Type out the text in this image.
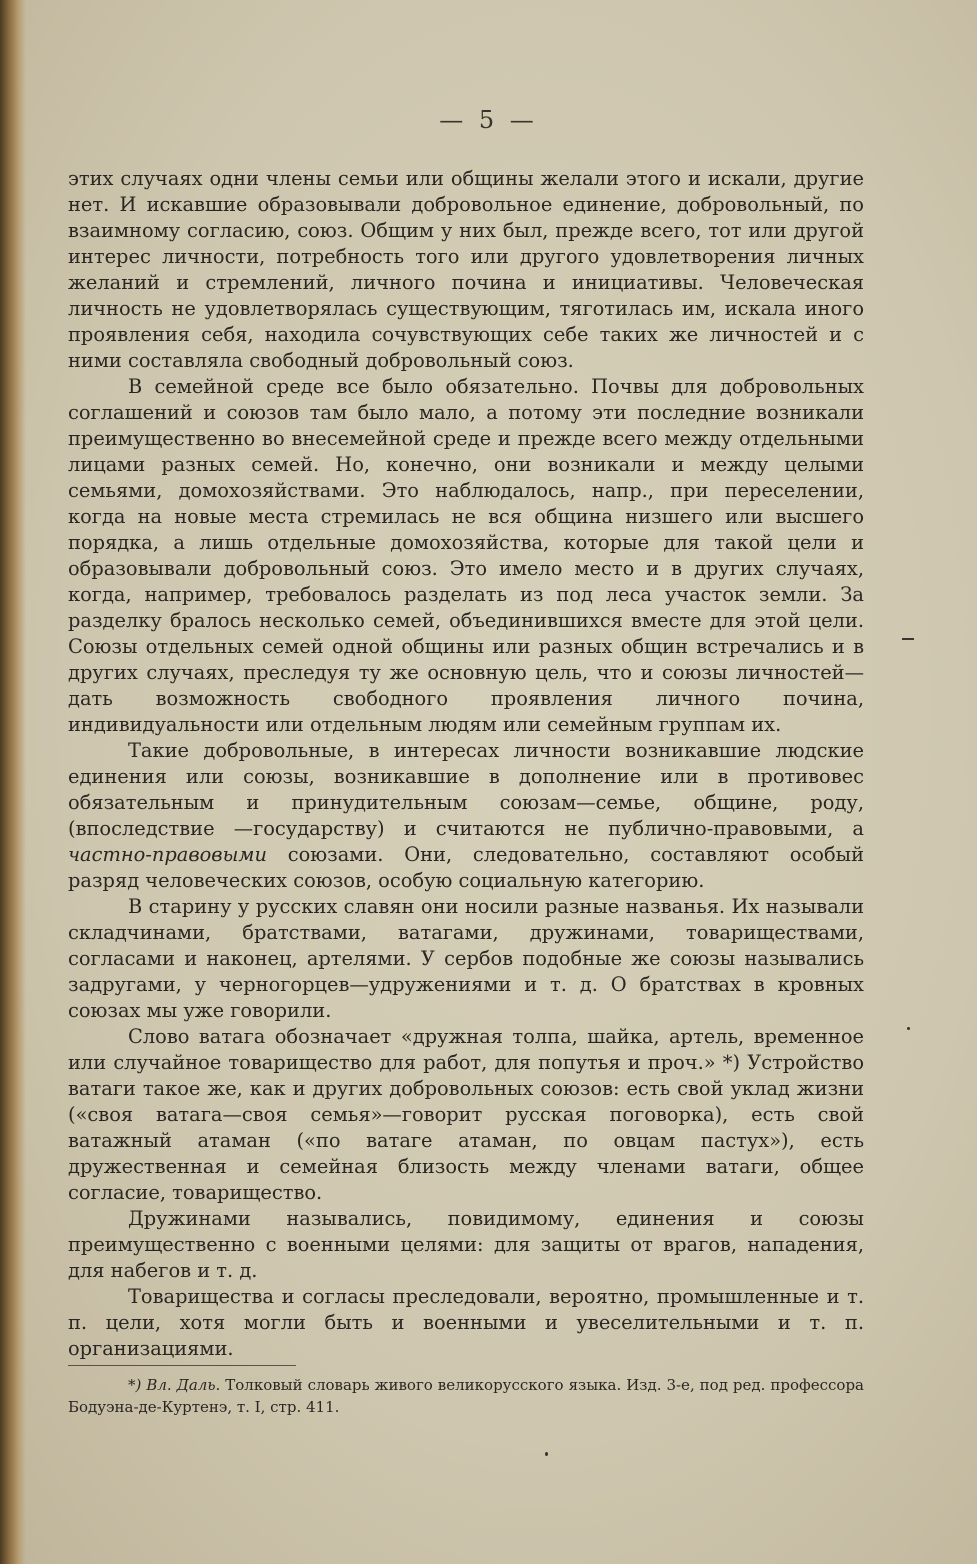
— 5 —

этих случаях одни члены семьи или общины желали этого и искали, другие нет. И искавшие образовывали добровольное единение, добровольный, по взаимному согласию, союз. Общим у них был, прежде всего, тот или другой интерес личности, потребность того или другого удовлетворения личных желаний и стремлений, личного почина и инициативы. Человеческая личность не удовлетворялась существующим, тяготилась им, искала иного проявления себя, находила сочувствующих себе таких же личностей и с ними составляла свободный добровольный союз.

В семейной среде все было обязательно. Почвы для добровольных соглашений и союзов там было мало, а потому эти последние возникали преимущественно во внесемейной среде и прежде всего между отдельными лицами разных семей. Но, конечно, они возникали и между целыми семьями, домохозяйствами. Это наблюдалось, напр., при переселении, когда на новые места стремилась не вся община низшего или высшего порядка, а лишь отдельные домохозяйства, которые для такой цели и образовывали добровольный союз. Это имело место и в других случаях, когда, например, требовалось разделать из под леса участок земли. За разделку бралось несколько семей, объединившихся вместе для этой цели. Союзы отдельных семей одной общины или разных общин встречались и в других случаях, преследуя ту же основную цель, что и союзы личностей—дать возможность свободного проявления личного почина, индивидуальности или отдельным людям или семейным группам их.

Такие добровольные, в интересах личности возникавшие людские единения или союзы, возникавшие в дополнение или в противовес обязательным и принудительным союзам—семье, общине, роду, (впоследствие —государству) и считаются не публично-правовыми, а частно-правовыми союзами. Они, следовательно, составляют особый разряд человеческих союзов, особую социальную категорию.

В старину у русских славян они носили разные названья. Их называли складчинами, братствами, ватагами, дружинами, товариществами, согласами и наконец, артелями. У сербов подобные же союзы назывались задругами, у черногорцев—удружениями и т. д. О братствах в кровных союзах мы уже говорили.

Слово ватага обозначает «дружная толпа, шайка, артель, временное или случайное товарищество для работ, для попутья и проч.» *) Устройство ватаги такое же, как и других добровольных союзов: есть свой уклад жизни («своя ватага—своя семья»—говорит русская поговорка), есть свой ватажный атаман («по ватаге атаман, по овцам пастух»), есть дружественная и семейная близость между членами ватаги, общее согласие, товарищество.

Дружинами назывались, повидимому, единения и союзы преимущественно с военными целями: для защиты от врагов, нападения, для набегов и т. д.

Товарищества и согласы преследовали, вероятно, промышленные и т. п. цели, хотя могли быть и военными и увеселительными и т. п. организациями.

*) Вл. Даль. Толковый словарь живого великорусского языка. Изд. 3-е, под ред. профессора Бодуэна-де-Куртенэ, т. I, стр. 411.
